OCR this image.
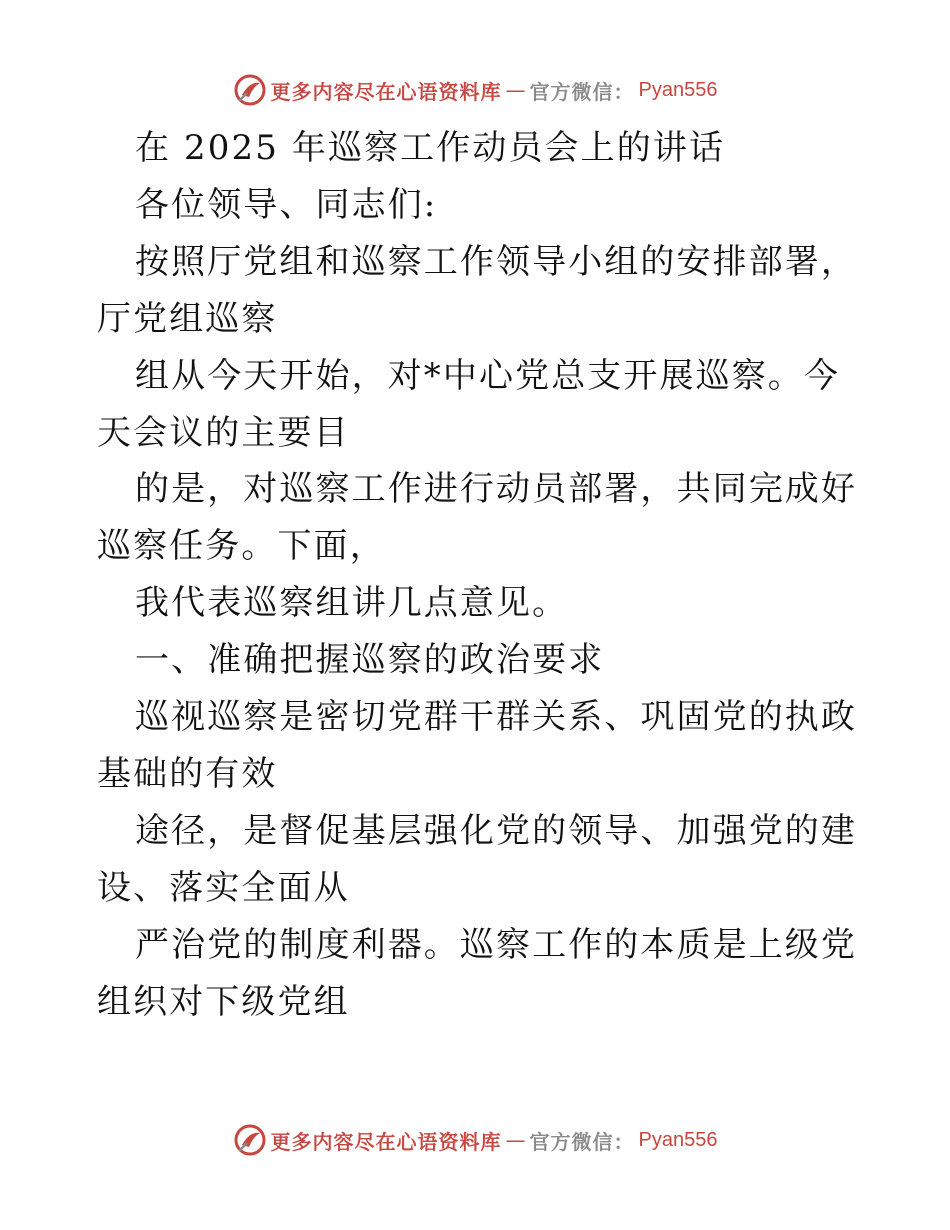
更多内容尽在心语资料库 — 官方微信： Pyan556

在 2025 年巡察工作动员会上的讲话

各位领导、同志们:

按照厅党组和巡察工作领导小组的安排部署，厅党组巡察

组从今天开始，对*中心党总支开展巡察。今天会议的主要目

的是，对巡察工作进行动员部署，共同完成好巡察任务。下面，

我代表巡察组讲几点意见。

一、准确把握巡察的政治要求

巡视巡察是密切党群干群关系、巩固党的执政基础的有效

途径，是督促基层强化党的领导、加强党的建设、落实全面从

严治党的制度利器。巡察工作的本质是上级党组织对下级党组

更多内容尽在心语资料库 — 官方微信： Pyan556
